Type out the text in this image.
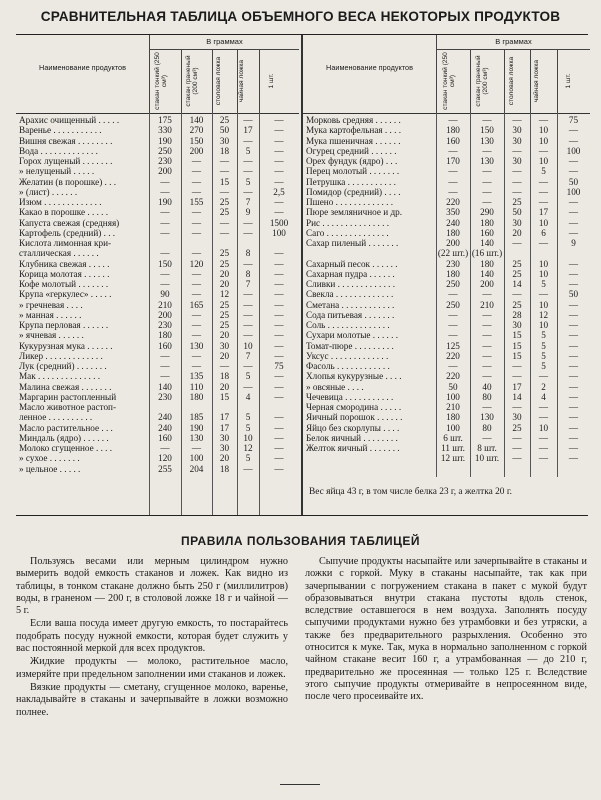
СРАВНИТЕЛЬНАЯ ТАБЛИЦА ОБЪЕМНОГО ВЕСА НЕКОТОРЫХ ПРОДУКТОВ
Наименование продуктов
В граммах
стакан тонкий (250 см³)	стакан граненый (200 см³)	столовая ложка	чайная ложка	1 шт.
Арахис очищенный . . . . .	175	140	25	—	—
Варенье . . . . . . . . . . .	330	270	50	17	—
Вишня свежая . . . . . . . .	190	150	30	—	—
Вода . . . . . . . . . . . . .	250	200	18	5	—
Горох лущеный . . . . . . .	230	—	—	—	—
» нелущеный . . . . .	200	—	—	—	—
Желатин (в порошке) . . .	—	—	15	5	—
» (лист) . . . . . .	—	—	—	—	2,5
Изюм . . . . . . . . . . . . .	190	155	25	7	—
Какао в порошке . . . . .	—	—	25	9	—
Капуста свежая (средняя)	—	—	—	—	1500
Картофель (средний) . . .	—	—	—	—	100
Кислота лимонная кри-
сталлическая . . . . . .	—	—	25	8	—
Клубника свежая . . . . .	150	120	25	—	—
Корица молотая . . . . . .	—	—	20	8	—
Кофе молотый . . . . . . .	—	—	20	7	—
Крупа «геркулес» . . . . .	90	—	12	—	—
» гречневая . . . .	210	165	25	—	—
» манная . . . . . .	200	—	25	—	—
Крупа перловая . . . . . .	230	—	25	—	—
» ячневая . . . . . .	180	—	20	—	—
Кукурузная мука . . . . . .	160	130	30	10	—
Ликер . . . . . . . . . . . . .	—	—	20	7	—
Лук (средний) . . . . . . .	—	—	—	—	75
Мак . . . . . . . . . . . . . .	—	135	18	5	—
Малина свежая . . . . . . .	140	110	20	—	—
Маргарин растопленный	230	180	15	4	—
Масло животное растоп-
ленное . . . . . . . . . .	240	185	17	5	—
Масло растительное . . .	240	190	17	5	—
Миндаль (ядро) . . . . . .	160	130	30	10	—
Молоко сгущенное . . . .	—	—	30	12	—
» сухое . . . . . . .	120	100	20	5	—
» цельное . . . . .	255	204	18	—	—
Наименование продуктов
В граммах
стакан тонкий (250 см³)	стакан граненый (200 см³)	столовая ложка	чайная ложка	1 шт.
Морковь средняя . . . . . .	—	—	—	—	75
Мука картофельная . . . .	180	150	30	10	—
Мука пшеничная . . . . . .	160	130	30	10	—
Огурец средний . . . . . .	—	—	—	—	100
Орех фундук (ядро) . . .	170	130	30	10	—
Перец молотый . . . . . . .	—	—	—	5	—
Петрушка . . . . . . . . . . .	—	—	—	—	50
Помидор (средний) . . . .	—	—	—	—	100
Пшено . . . . . . . . . . . . .	220	—	25	—	—
Пюре земляничное и др.	350	290	50	17	—
Рис . . . . . . . . . . . . . . .	240	180	30	10	—
Саго . . . . . . . . . . . . . .	180	160	20	6	—
Сахар пиленый . . . . . . .	200	140	—	—	9
(22 шт.) (16 шт.)
Сахарный песок . . . . . .	230	180	25	10	—
Сахарная пудра . . . . . .	180	140	25	10	—
Сливки . . . . . . . . . . . . .	250	200	14	5	—
Свекла . . . . . . . . . . . . .	—	—	—	—	50
Сметана . . . . . . . . . . . .	250	210	25	10	—
Сода питьевая . . . . . . .	—	—	28	12	—
Соль . . . . . . . . . . . . . .	—	—	30	10	—
Сухари молотые . . . . . .	—	—	15	5	—
Томат-пюре . . . . . . . . .	125	—	15	5	—
Уксус . . . . . . . . . . . . .	220	—	15	5	—
Фасоль . . . . . . . . . . . .	—	—	—	5	—
Хлопья кукурузные . . . .	220	—	—	—	—
» овсяные . . . .	50	40	17	2	—
Чечевица . . . . . . . . . . .	100	80	14	4	—
Черная смородина . . . . .	210	—	—	—	—
Яичный порошок . . . . . .	180	130	30	—	—
Яйцо без скорлупы . . . .	100	80	25	10	—
Белок яичный . . . . . . . .	6 шт.	—	—	—	—
Желток яичный . . . . . . .	11 шт.	8 шт.	—	—	—
12 шт.	10 шт.	—	—	—
Вес яйца 43 г, в том числе белка 23 г, а желтка 20 г.
ПРАВИЛА ПОЛЬЗОВАНИЯ ТАБЛИЦЕЙ

Пользуясь весами или мерным цилиндром нужно вымерить водой емкость стаканов и ложек. Как видно из таблицы, в тонком стакане должно быть 250 г (миллилитров) воды, в граненом — 200 г, в столовой ложке 18 г и чайной — 5 г.

Если ваша посуда имеет другую емкость, то постарайтесь подобрать посуду нужной емкости, которая будет служить у вас постоянной меркой для всех продуктов.

Жидкие продукты — молоко, растительное масло, измеряйте при предельном заполнении ими стаканов и ложек.

Вязкие продукты — сметану, сгущенное молоко, варенье, накладывайте в стаканы и зачерпывайте в ложки возможно полнее.

Сыпучие продукты насыпайте или зачерпывайте в стаканы и ложки с горкой. Муку в стаканы насыпайте, так как при зачерпывании с погружением стакана в пакет с мукой будут образовываться внутри стакана пустоты вдоль стенок, вследствие оставшегося в нем воздуха. Заполнять посуду сыпучими продуктами нужно без утрамбовки и без утряски, а также без предварительного разрыхления. Особенно это относится к муке. Так, мука в нормально заполненном с горкой чайном стакане весит 160 г, а утрамбованная — до 210 г, предварительно же просеянная — только 125 г. Вследствие этого сыпучие продукты отмеривайте в непросеянном виде, после чего просеивайте их.
